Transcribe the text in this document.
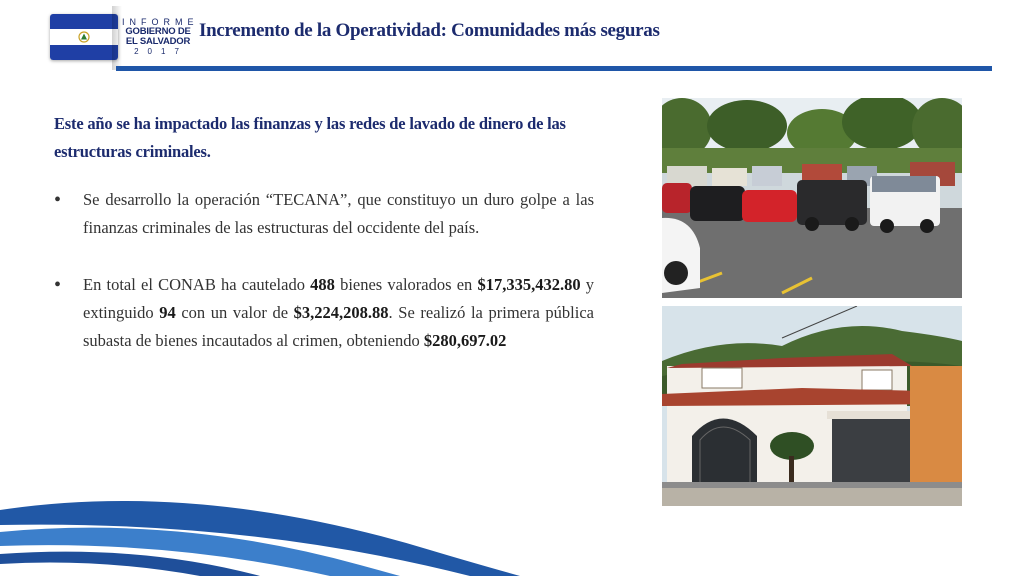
INFORME
GOBIERNO DE
EL SALVADOR
2017
Incremento de la Operatividad: Comunidades más seguras
Este año se ha impactado las finanzas y las redes de lavado de dinero de las estructuras criminales.
• Se desarrollo la operación “TECANA”, que constituyo un duro golpe a las finanzas criminales de las estructuras del occidente del país.
• En total el CONAB ha cautelado 488 bienes valorados en $17,335,432.80 y extinguido 94 con un valor de $3,224,208.88. Se realizó la primera pública subasta de bienes incautados al crimen, obteniendo $280,697.02
